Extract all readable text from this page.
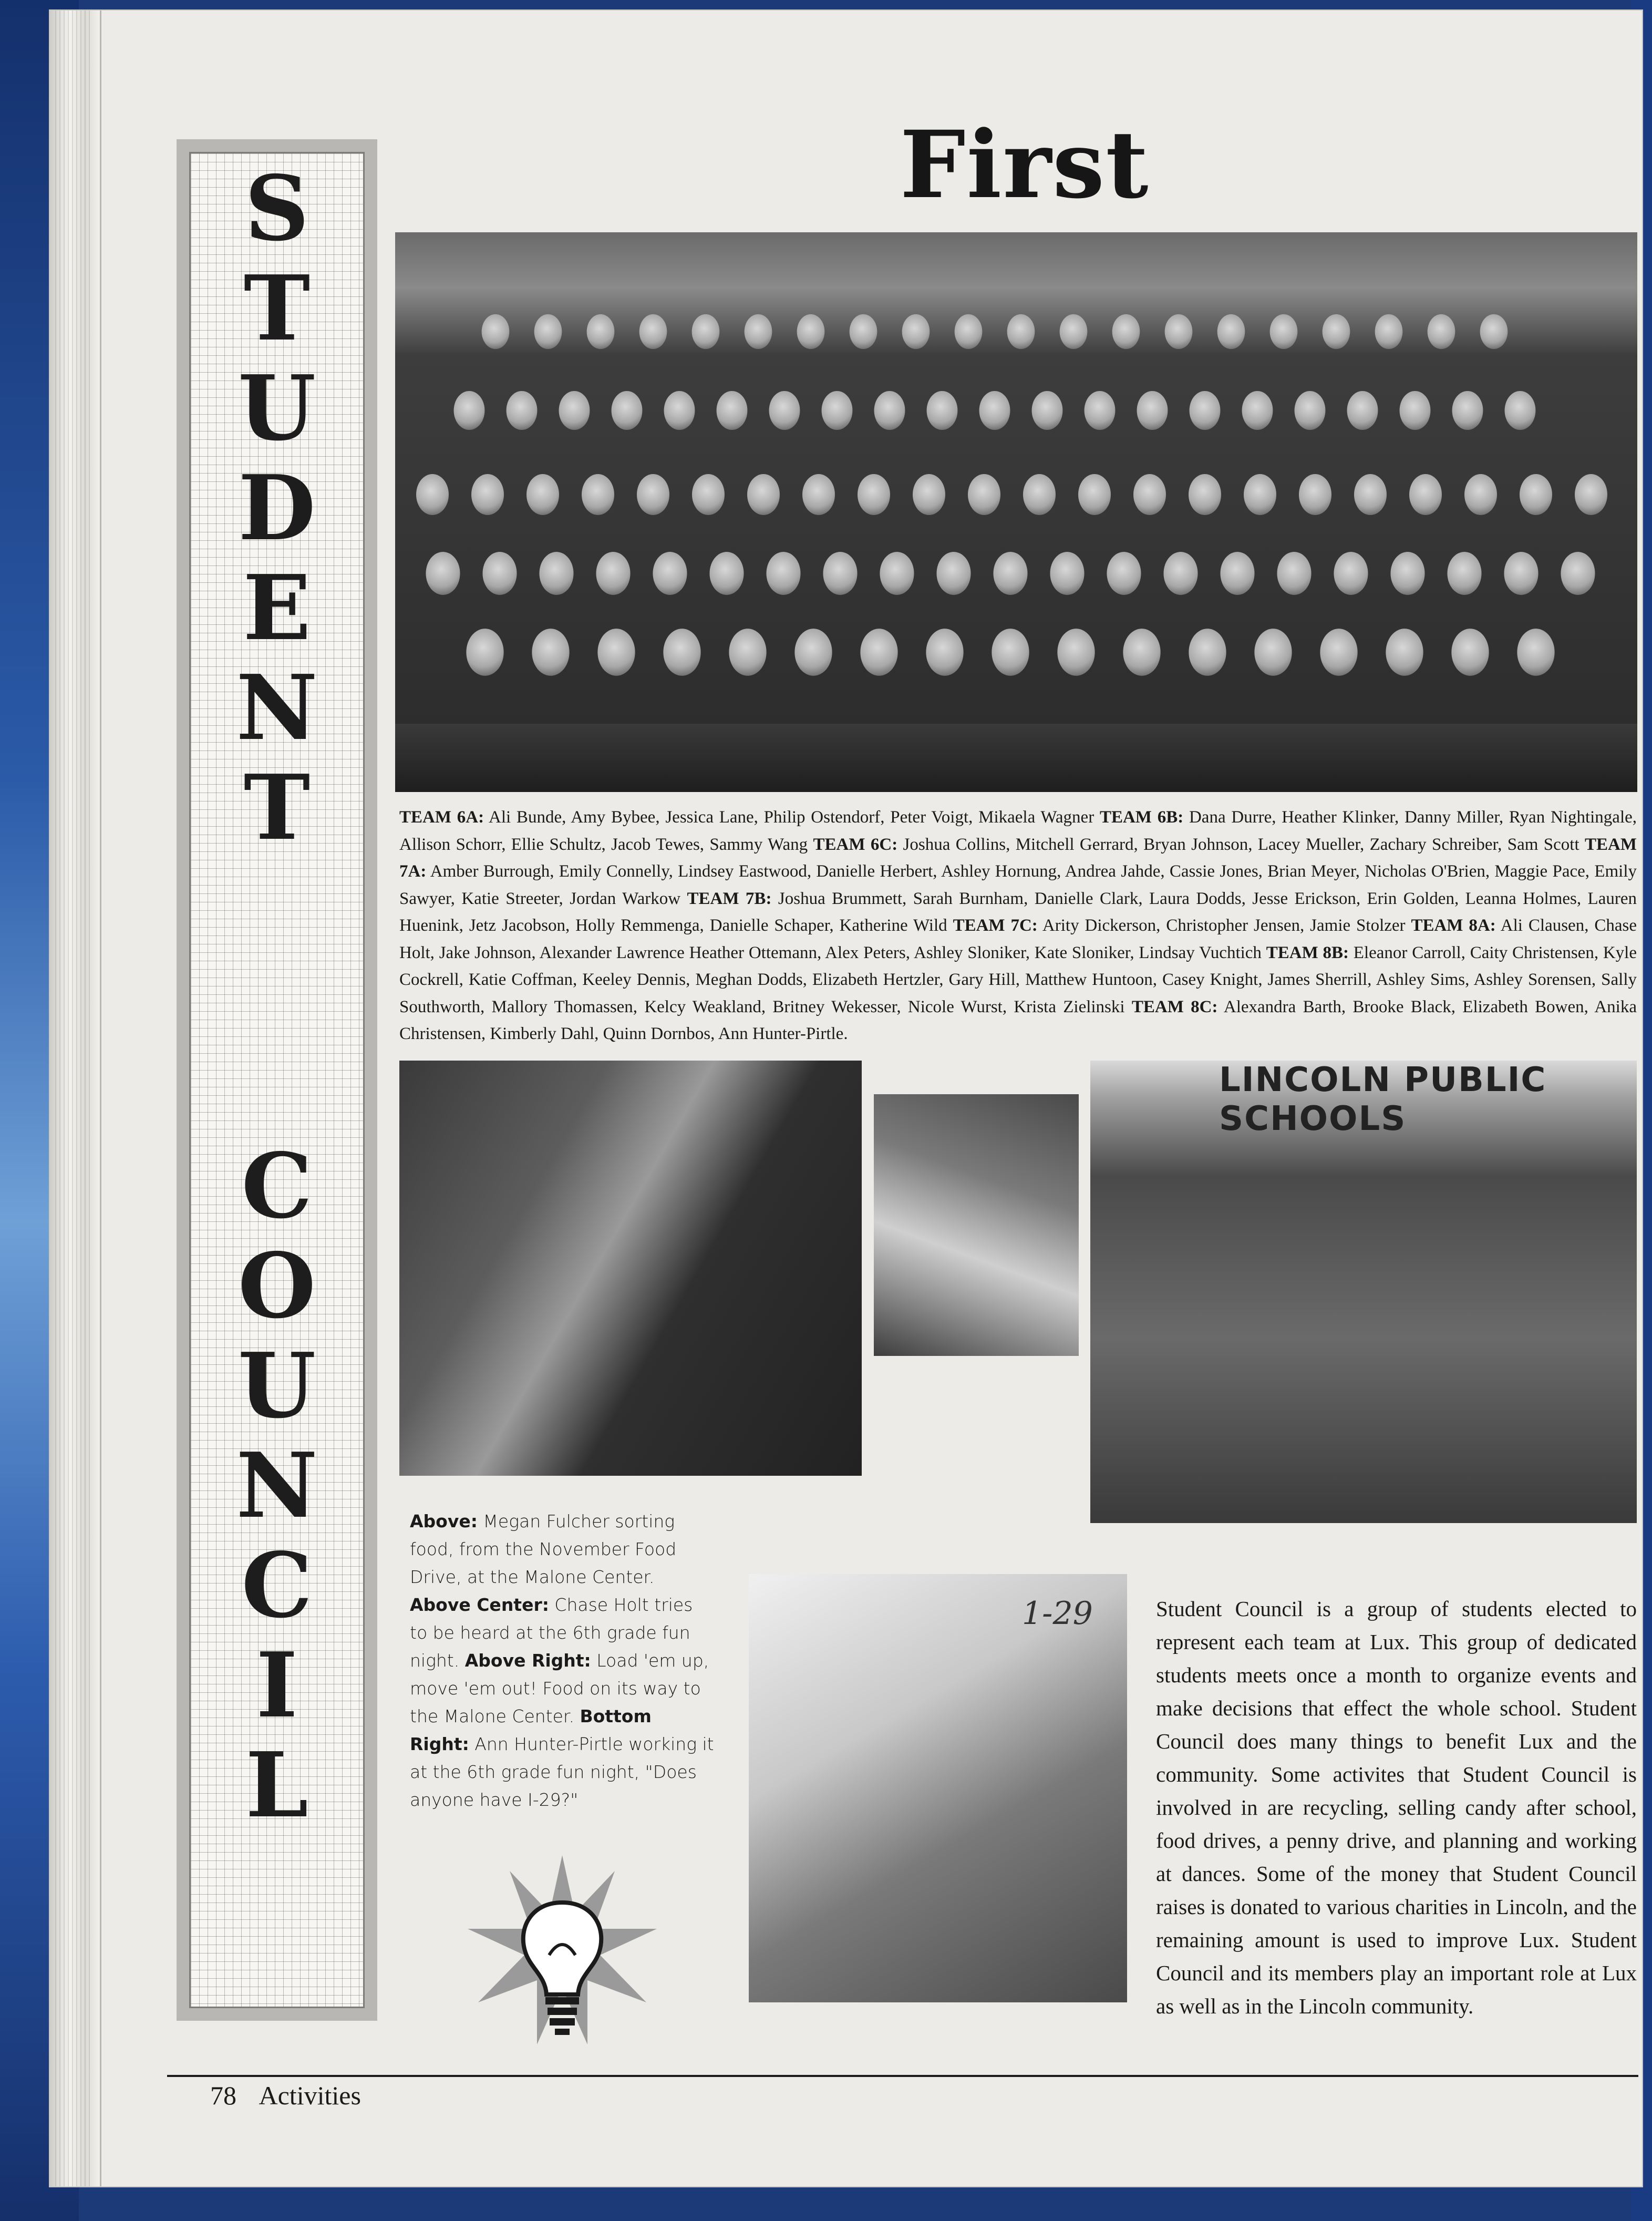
S
T
U
D
E
N
T
C
O
U
N
C
I
L
First
TEAM 6A: Ali Bunde, Amy Bybee, Jessica Lane, Philip Ostendorf, Peter Voigt, Mikaela Wagner TEAM 6B: Dana Durre, Heather Klinker, Danny Miller, Ryan Nightingale, Allison Schorr, Ellie Schultz, Jacob Tewes, Sammy Wang TEAM 6C: Joshua Collins, Mitchell Gerrard, Bryan Johnson, Lacey Mueller, Zachary Schreiber, Sam Scott TEAM 7A: Amber Burrough, Emily Connelly, Lindsey Eastwood, Danielle Herbert, Ashley Hornung, Andrea Jahde, Cassie Jones, Brian Meyer, Nicholas O'Brien, Maggie Pace, Emily Sawyer, Katie Streeter, Jordan Warkow TEAM 7B: Joshua Brummett, Sarah Burnham, Danielle Clark, Laura Dodds, Jesse Erickson, Erin Golden, Leanna Holmes, Lauren Huenink, Jetz Jacobson, Holly Remmenga, Danielle Schaper, Katherine Wild TEAM 7C: Arity Dickerson, Christopher Jensen, Jamie Stolzer TEAM 8A: Ali Clausen, Chase Holt, Jake Johnson, Alexander Lawrence Heather Ottemann, Alex Peters, Ashley Sloniker, Kate Sloniker, Lindsay Vuchtich TEAM 8B: Eleanor Carroll, Caity Christensen, Kyle Cockrell, Katie Coffman, Keeley Dennis, Meghan Dodds, Elizabeth Hertzler, Gary Hill, Matthew Huntoon, Casey Knight, James Sherrill, Ashley Sims, Ashley Sorensen, Sally Southworth, Mallory Thomassen, Kelcy Weakland, Britney Wekesser, Nicole Wurst, Krista Zielinski TEAM 8C: Alexandra Barth, Brooke Black, Elizabeth Bowen, Anika Christensen, Kimberly Dahl, Quinn Dornbos, Ann Hunter-Pirtle.
LINCOLN PUBLIC SCHOOLS
1-29
Above: Megan Fulcher sorting food, from the November Food Drive, at the Malone Center. Above Center: Chase Holt tries to be heard at the 6th grade fun night. Above Right: Load 'em up, move 'em out! Food on its way to the Malone Center. Bottom Right: Ann Hunter-Pirtle working it at the 6th grade fun night, "Does anyone have I-29?"
Student Council is a group of students elected to represent each team at Lux. This group of dedicated students meets once a month to organize events and make decisions that effect the whole school. Student Council does many things to benefit Lux and the community. Some activites that Student Council is involved in are recycling, selling candy after school, food drives, a penny drive, and planning and working at dances. Some of the money that Student Council raises is donated to various charities in Lincoln, and the remaining amount is used to improve Lux. Student Council and its members play an important role at Lux as well as in the Lincoln community.
78 Activities
